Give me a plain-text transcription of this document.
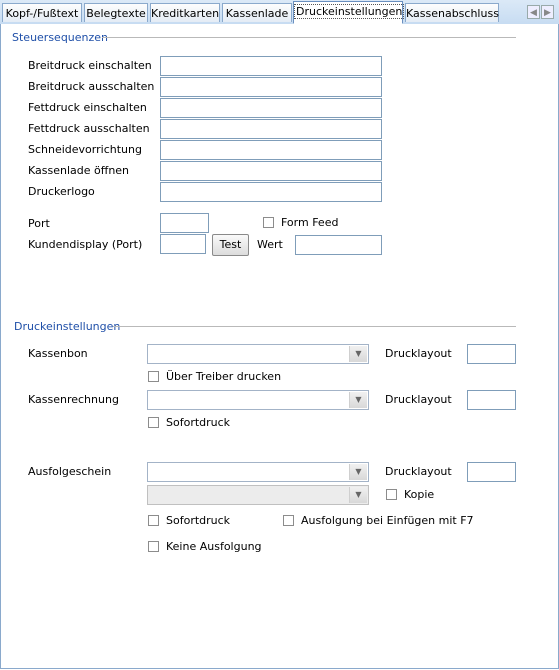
Kopf-/Fußtext Belegtexte Kreditkarten Kassenlade Druckeinstellungen Kassenabschluss	◀ ▶
Steuersequenzen
Breitdruck einschalten
Breitdruck ausschalten
Fettdruck einschalten
Fettdruck ausschalten
Schneidevorrichtung
Kassenlade öffnen
Druckerlogo
Port	Form Feed
Kundendisplay (Port)	Test	Wert
Druckeinstellungen
Kassenbon	▼	Drucklayout
Über Treiber drucken
Kassenrechnung	▼	Drucklayout
Sofortdruck
Ausfolgeschein	▼	Drucklayout
▼	Kopie
Sofortdruck	Ausfolgung bei Einfügen mit F7
Keine Ausfolgung
